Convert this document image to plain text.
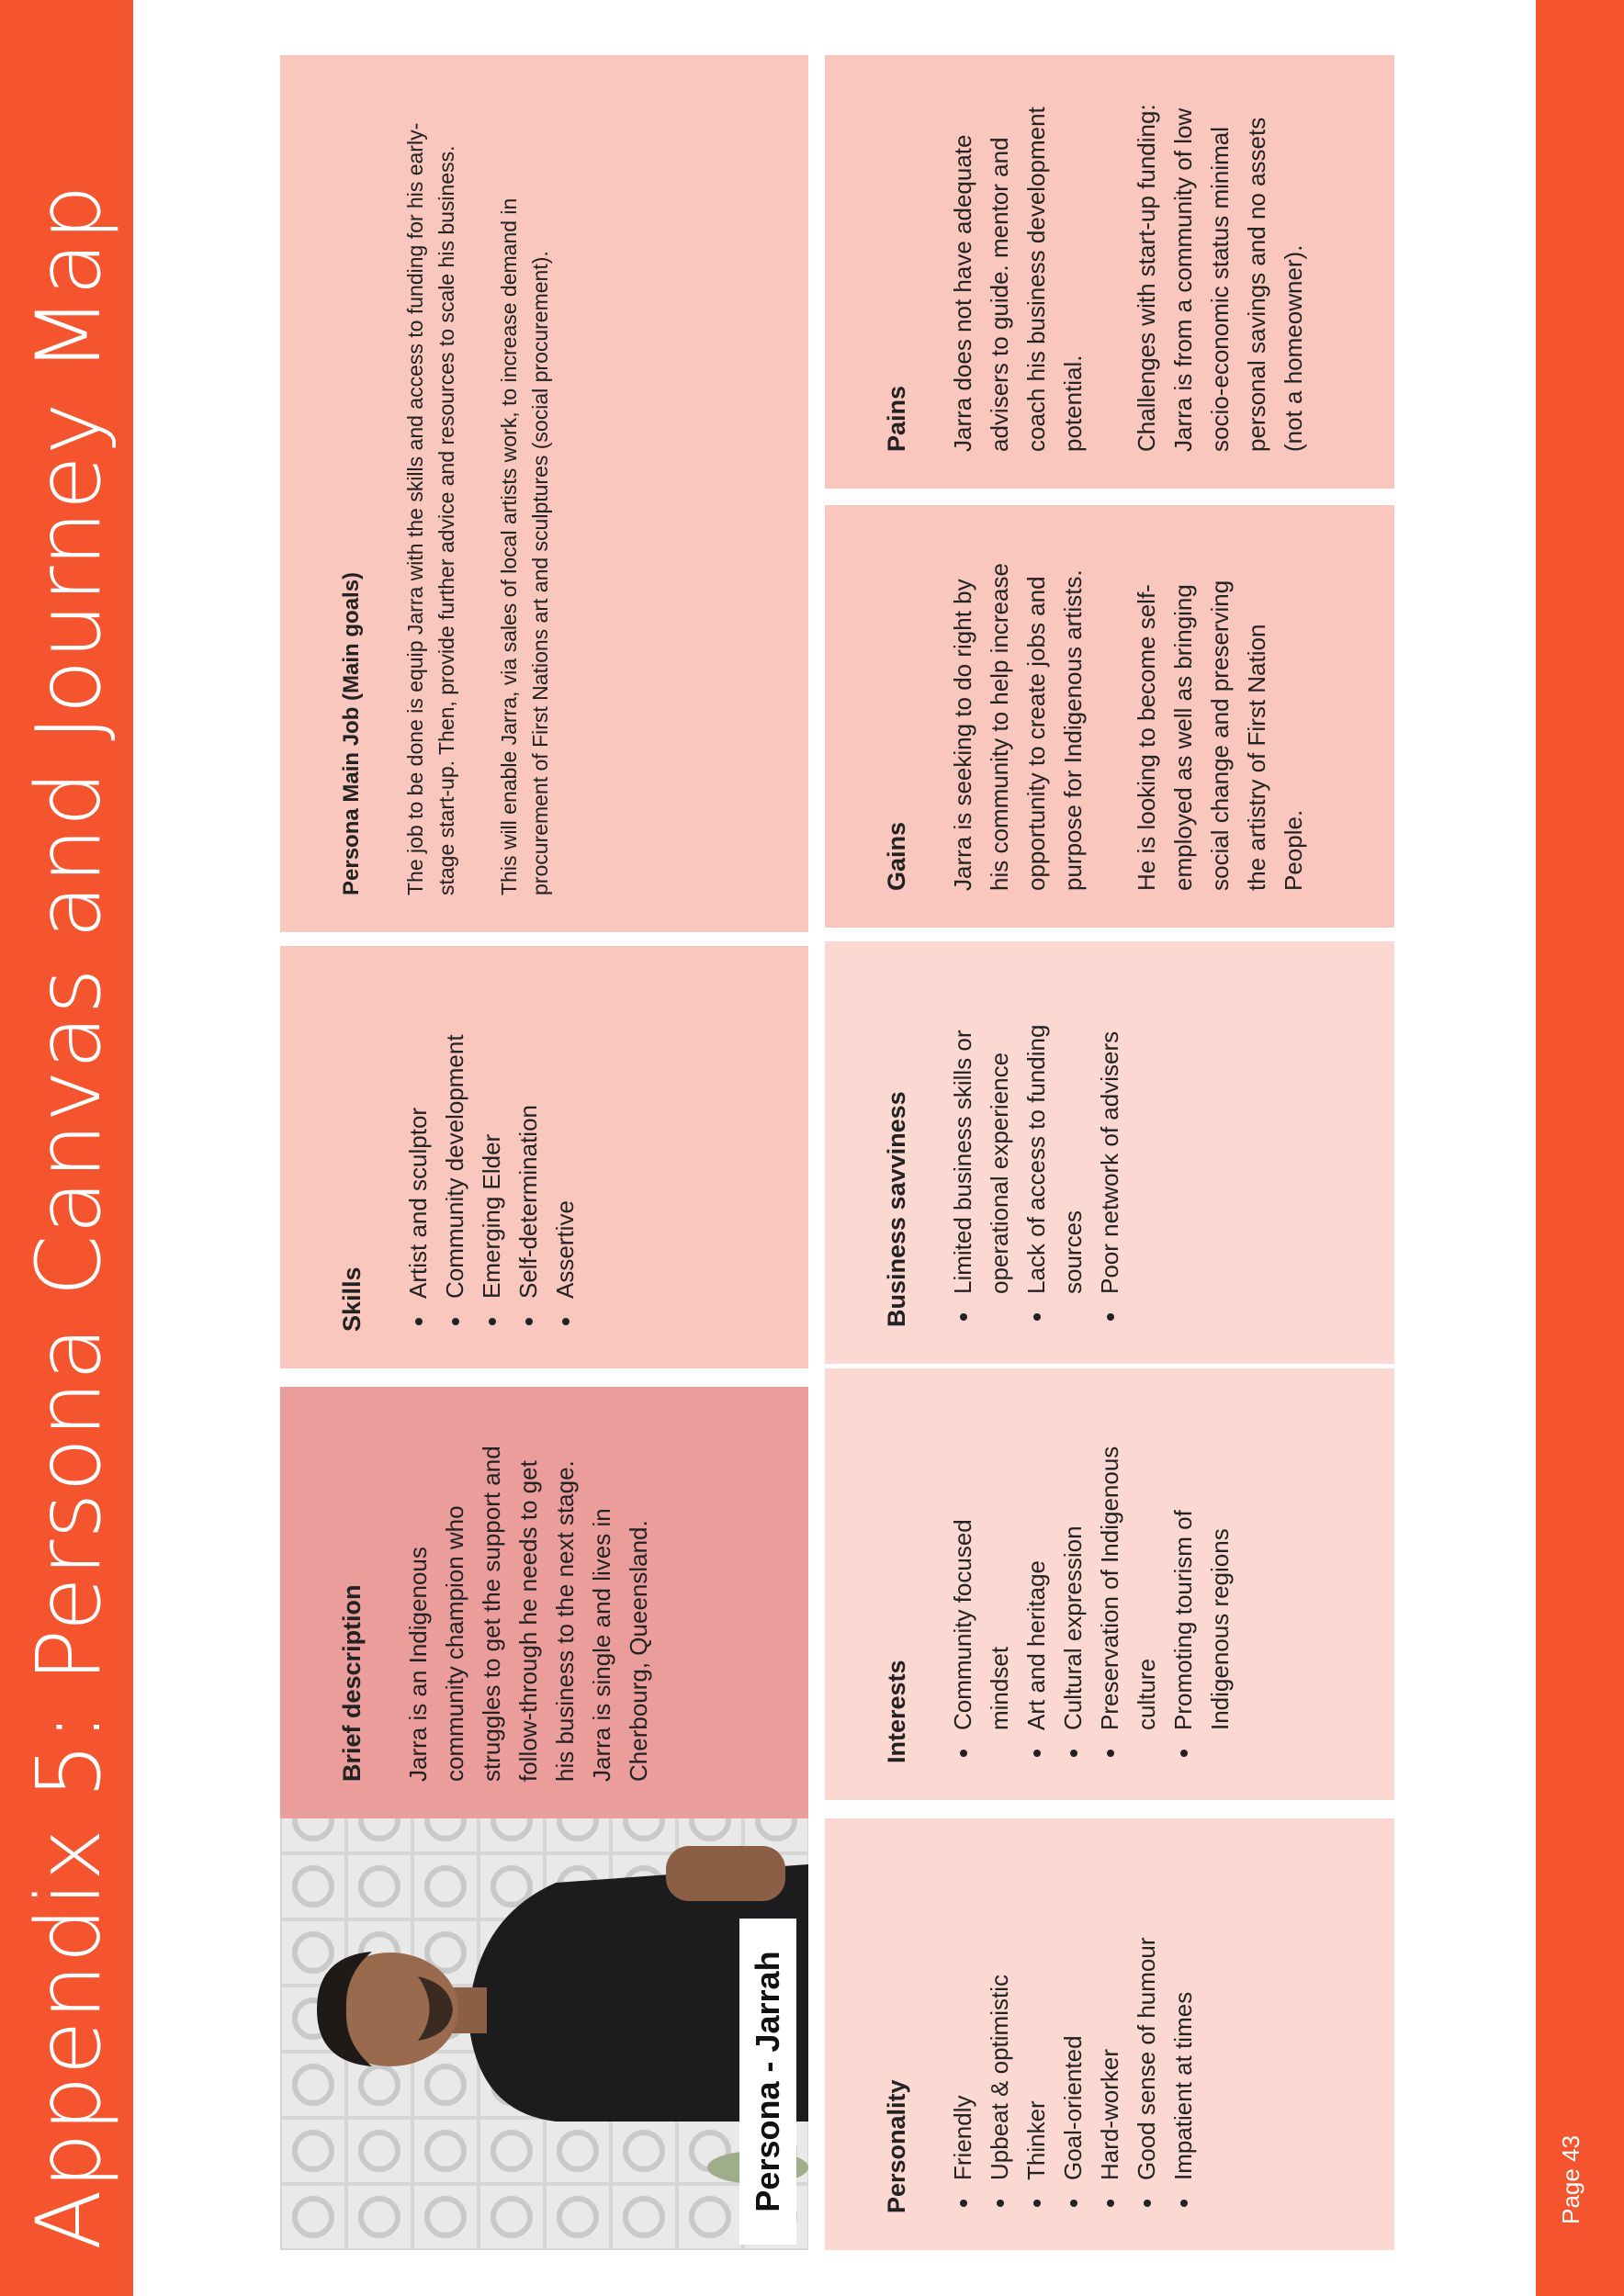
Appendix 5: Persona Canvas and Journey Map	Persona - Jarrah
Brief description Jarra is an Indigenous community champion who struggles to get the support and follow-through he needs to get his business to the next stage. Jarra is single and lives in Cherbourg, Queensland.
Skills
• Artist and sculptor • Community development • Emerging Elder • Self-determination • Assertive
Persona Main Job (Main goals) The job to be done is equip Jarra with the skills and access to funding for his early-stage start-up. Then, provide further advice and resources to scale his business. This will enable Jarra, via sales of local artists work, to increase demand in procurement of First Nations art and sculptures (social procurement).

Personality • Friendly • Upbeat & optimistic • Thinker • Goal-oriented • Hard-worker • Good sense of humour • Impatient at times
Interests • Community focused mindset • Art and heritage • Cultural expression • Preservation of Indigenous culture • Promoting tourism of Indigenous regions
Business savviness • Limited business skills or operational experience • Lack of access to funding sources • Poor network of advisers
Gains Jarra is seeking to do right by his community to help increase opportunity to create jobs and purpose for Indigenous artists. He is looking to become self-employed as well as bringing social change and preserving the artistry of First Nation People.

Pains Jarra does not have adequate advisers to guide. mentor and coach his business development potential. Challenges with start-up funding: Jarra is from a community of low socio-economic status minimal personal savings and no assets (not a homeowner).

Page 43
